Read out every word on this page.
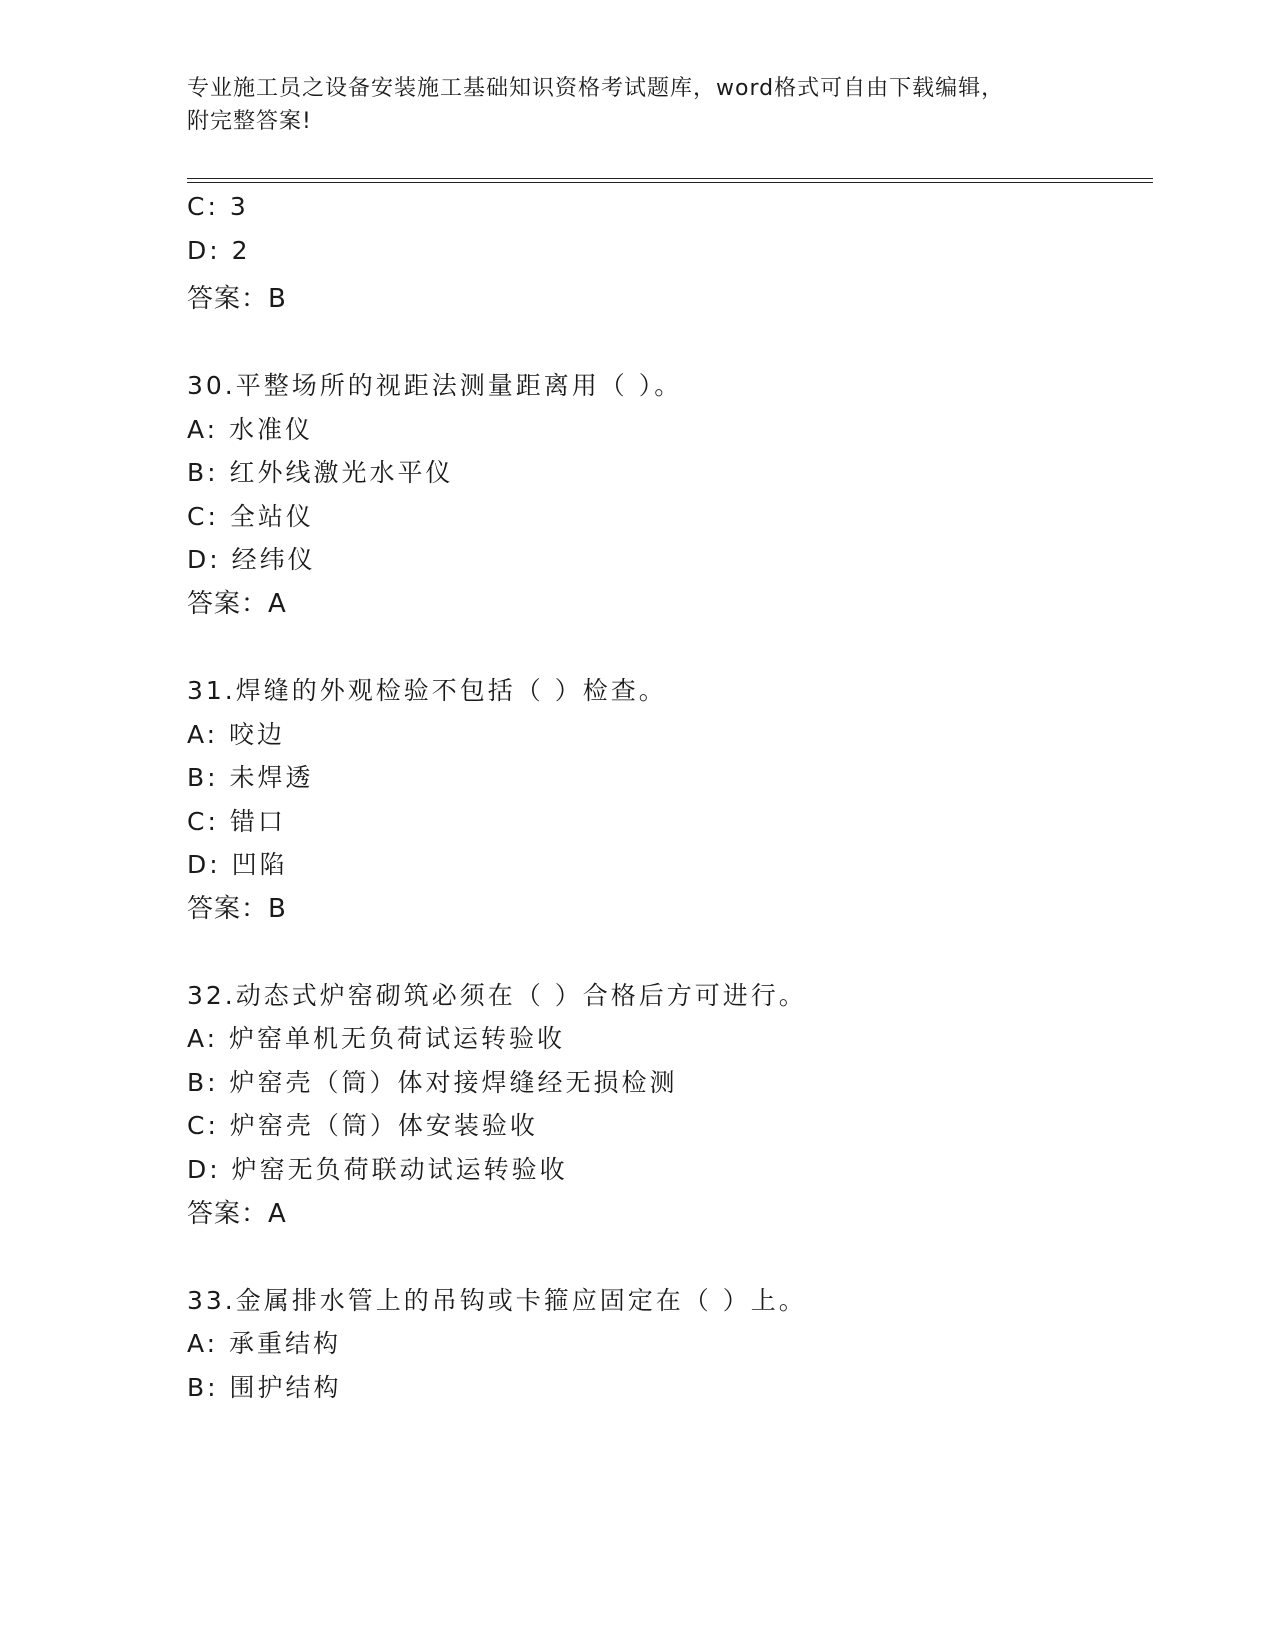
专业施工员之设备安装施工基础知识资格考试题库，word格式可自由下载编辑，
附完整答案!
C: 3
D: 2
答案：B
30.平整场所的视距法测量距离用（ ）。
A: 水准仪
B: 红外线激光水平仪
C: 全站仪
D: 经纬仪
答案：A
31.焊缝的外观检验不包括（ ）检查。
A: 咬边
B: 未焊透
C: 错口
D: 凹陷
答案：B
32.动态式炉窑砌筑必须在（ ）合格后方可进行。
A: 炉窑单机无负荷试运转验收
B: 炉窑壳（筒）体对接焊缝经无损检测
C: 炉窑壳（筒）体安装验收
D: 炉窑无负荷联动试运转验收
答案：A
33.金属排水管上的吊钩或卡箍应固定在（ ）上。
A: 承重结构
B: 围护结构
